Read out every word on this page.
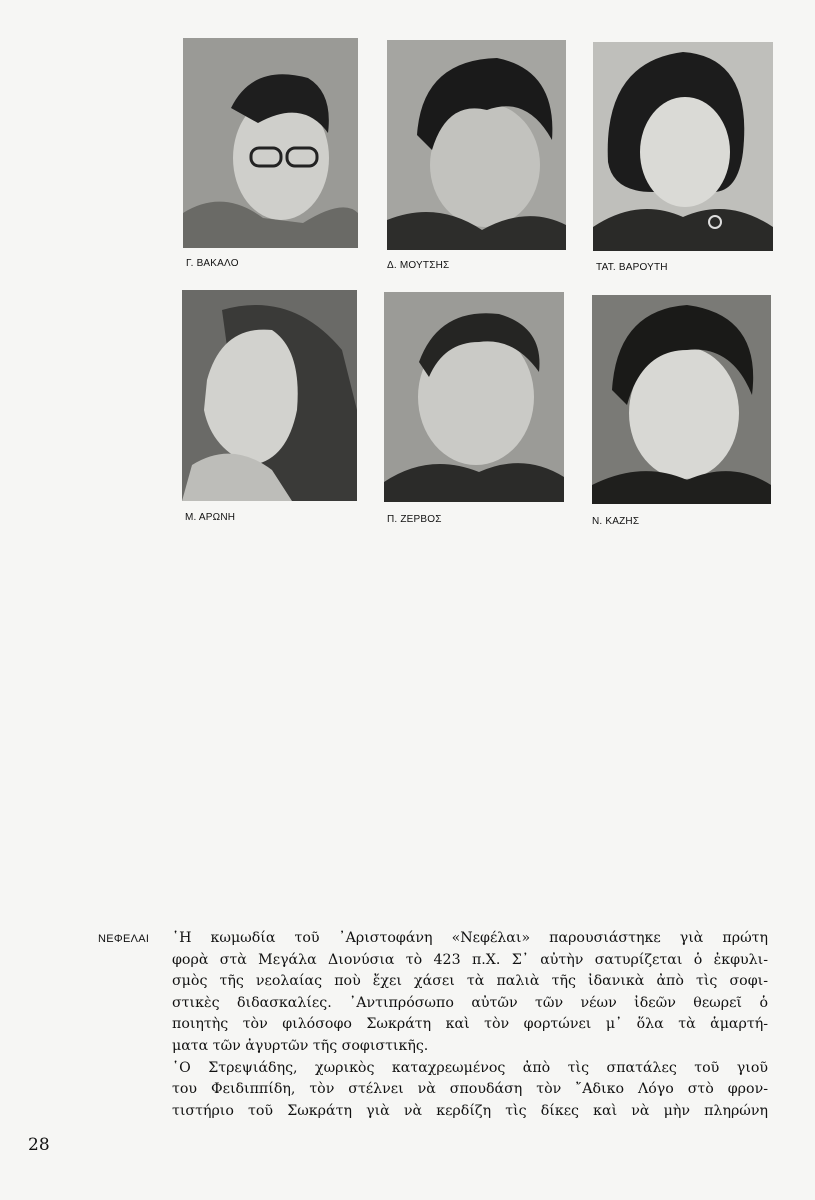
Γ. ΒΑΚΑΛΟ	Δ. ΜΟΥΤΣΗΣ	ΤΑΤ. ΒΑΡΟΥΤΗ
Μ. ΑΡΩΝΗ	Π. ΖΕΡΒΟΣ	Ν. ΚΑΖΗΣ
ΝΕΦΕΛΑΙ ῾Η κωμωδία τοῦ ᾿Αριστοφάνη «Νεφέλαι» παρουσιάστηκε γιὰ πρώτη
φορὰ στὰ Μεγάλα Διονύσια τὸ 423 π.Χ. Σ᾿ αὐτὴν σατυρίζεται ὁ ἐκφυλι-
σμὸς τῆς νεολαίας ποὺ ἔχει χάσει τὰ παλιὰ τῆς ἰδανικὰ ἀπὸ τὶς σοφι-
στικὲς διδασκαλίες. ᾿Αντιπρόσωπο αὐτῶν τῶν νέων ἰδεῶν θεωρεῖ ὁ
ποιητὴς τὸν φιλόσοφο Σωκράτη καὶ τὸν φορτώνει μ᾿ ὅλα τὰ ἁμαρτή-
ματα τῶν ἀγυρτῶν τῆς σοφιστικῆς.
῾Ο Στρεψιάδης, χωρικὸς καταχρεωμένος ἀπὸ τὶς σπατάλες τοῦ γιοῦ
του Φειδιππίδη, τὸν στέλνει νὰ σπουδάση τὸν ῎Αδικο Λόγο στὸ φρον-
τιστήριο τοῦ Σωκράτη γιὰ νὰ κερδίζη τὶς δίκες καὶ νὰ μὴν πληρώνη
28
